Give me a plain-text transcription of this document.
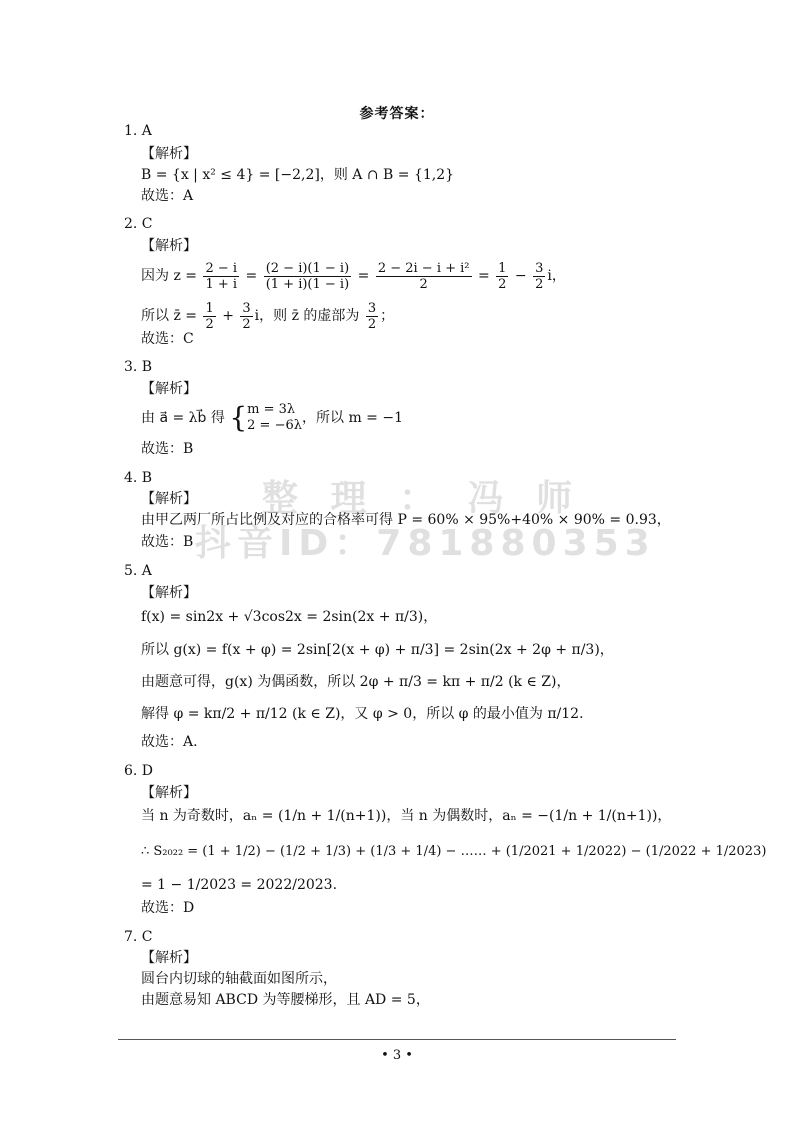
参考答案：
1. A
【解析】
B = {x | x² ≤ 4} = [−2,2]，则 A ∩ B = {1,2}
故选：A
2. C
【解析】
因为 $z = \frac{2 - i}{1 + i} = \frac{(2 - i)(1 - i)}{(1 + i)(1 - i)} = \frac{\text{2 − 2i − i + i²}}{2} = \frac{1}{2} - \frac{3}{2}$ i，
所以 z̄ = $\frac{1}{2} + \frac{3}{2}$ i，则 z̄ 的虚部为 $\frac{3}{2}$ ；
故选：C
3. B
【解析】
由 a⃗ = λb⃗ 得 { m = 3λ
2 = −6λ ，所以 m = −1
故选：B
4. B
【解析】
由甲乙两厂所占比例及对应的合格率可得 P = 60% × 95%+40% × 90% = 0.93，
故选：B
5. A
【解析】
f(x) = sin2x + √3cos2x = 2sin(2x + π/3)，
所以 g(x) = f(x + φ) = 2sin[2(x + φ) + π/3] = 2sin(2x + 2φ + π/3)，
由题意可得，g(x) 为偶函数，所以 2φ + π/3 = kπ + π/2 (k ∈ Z)，
解得 φ = kπ/2 + π/12 (k ∈ Z)，又 φ > 0，所以 φ 的最小值为 π/12.
故选：A.
6. D
【解析】
当 n 为奇数时，aₙ = (1/n + 1/(n+1))，当 n 为偶数时，aₙ = −(1/n + 1/(n+1))，
∴ S₂₀₂₂ = (1 + 1/2) − (1/2 + 1/3) + (1/3 + 1/4) − …… + (1/2021 + 1/2022) − (1/2022 + 1/2023)
= 1 − 1/2023 = 2022/2023.
故选：D
7. C
【解析】
圆台内切球的轴截面如图所示，
由题意易知 ABCD 为等腰梯形，且 AD = 5，
整 理 ： 冯 师
抖音ID：781880353
• 3 •
